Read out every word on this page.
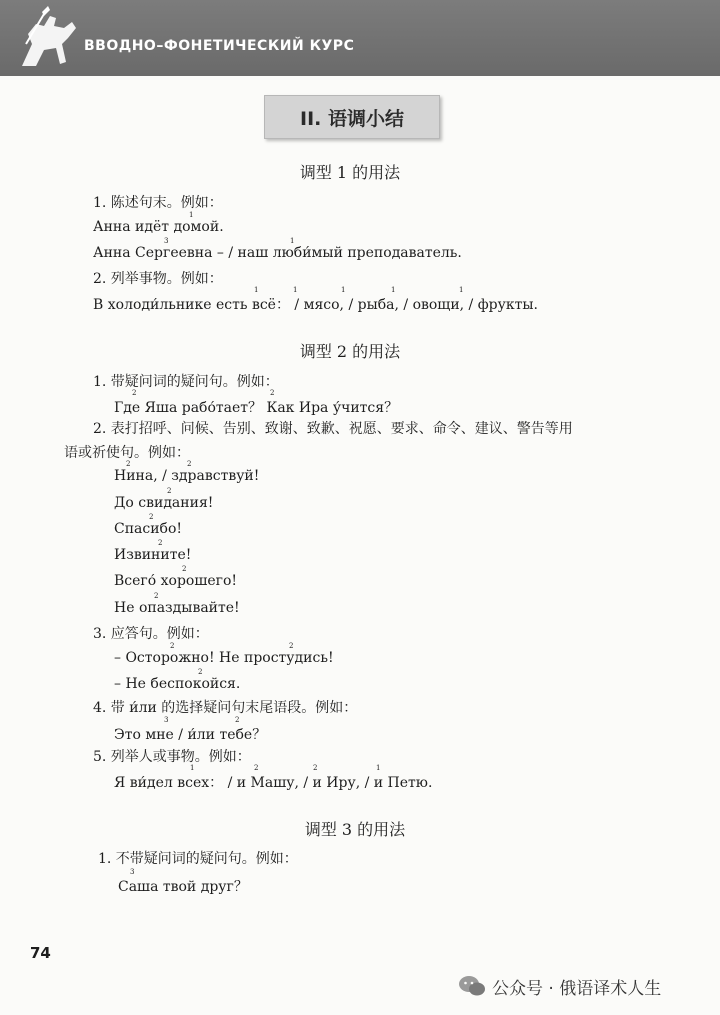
ВВОДНО–ФОНЕТИЧЕСКИЙ КУРС
II. 语调小结
调型 1 的用法
1. 陈述句末。例如：
Анна идёт домой.
1
Анна Сергеевна – / наш люби́мый преподаватель.
3	1
2. 列举事物。例如：
В холоди́льнике есть всё： / мясо, / рыба, / овощи, / фрукты.
1	1	1	1	1
调型 2 的用法
1. 带疑问词的疑问句。例如：
Где Яша рабо́тает？ Как Ира у́чится？
2	2
2. 表打招呼、问候、告别、致谢、致歉、祝愿、要求、命令、建议、警告等用
语或祈使句。例如：
Нина, / здравствуй!
2	2
До свидания!
2
Спасибо!
2
Извините!
2
Всего́ хорошего!
2
Не опаздывайте!
2
3. 应答句。例如：
– Осторожно! Не простудись!
2	2
– Не беспокойся.
2
4. 带 и́ли 的选择疑问句末尾语段。例如：
Это мне / и́ли тебе？
3	2
5. 列举人或事物。例如：
Я ви́дел всех： / и Машу, / и Иру, / и Петю.
1	2	2	1
调型 3 的用法
1. 不带疑问词的疑问句。例如：
Саша твой друг？
3
74
公众号 · 俄语译术人生
